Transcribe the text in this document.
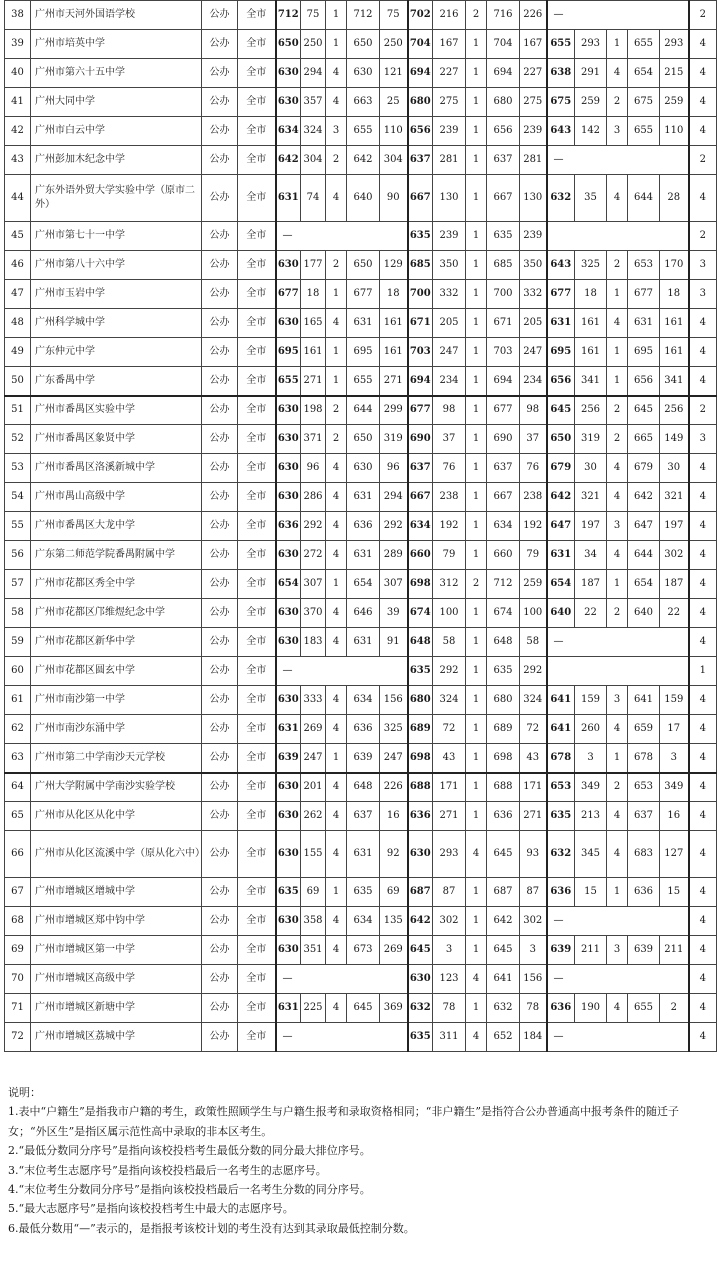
38	广州市天河外国语学校	公办	全市	712	75	1	712	75	702	216	2	716	226	—					2
39	广州市培英中学	公办	全市	650	250	1	650	250	704	167	1	704	167	655	293	1	655	293	4
40	广州市第六十五中学	公办	全市	630	294	4	630	121	694	227	1	694	227	638	291	4	654	215	4
41	广州大同中学	公办	全市	630	357	4	663	25	680	275	1	680	275	675	259	2	675	259	4
42	广州市白云中学	公办	全市	634	324	3	655	110	656	239	1	656	239	643	142	3	655	110	4
43	广州彭加木纪念中学	公办	全市	642	304	2	642	304	637	281	1	637	281	—					2
44	广东外语外贸大学实验中学（原市二外）	公办	全市	631	74	4	640	90	667	130	1	667	130	632	35	4	644	28	4
45	广州市第七十一中学	公办	全市	—					635	239	1	635	239						2
46	广州市第八十六中学	公办	全市	630	177	2	650	129	685	350	1	685	350	643	325	2	653	170	3
47	广州市玉岩中学	公办	全市	677	18	1	677	18	700	332	1	700	332	677	18	1	677	18	3
48	广州科学城中学	公办	全市	630	165	4	631	161	671	205	1	671	205	631	161	4	631	161	4
49	广东仲元中学	公办	全市	695	161	1	695	161	703	247	1	703	247	695	161	1	695	161	4
50	广东番禺中学	公办	全市	655	271	1	655	271	694	234	1	694	234	656	341	1	656	341	4
51	广州市番禺区实验中学	公办	全市	630	198	2	644	299	677	98	1	677	98	645	256	2	645	256	2
52	广州市番禺区象贤中学	公办	全市	630	371	2	650	319	690	37	1	690	37	650	319	2	665	149	3
53	广州市番禺区洛溪新城中学	公办	全市	630	96	4	630	96	637	76	1	637	76	679	30	4	679	30	4
54	广州市禺山高级中学	公办	全市	630	286	4	631	294	667	238	1	667	238	642	321	4	642	321	4
55	广州市番禺区大龙中学	公办	全市	636	292	4	636	292	634	192	1	634	192	647	197	3	647	197	4
56	广东第二师范学院番禺附属中学	公办	全市	630	272	4	631	289	660	79	1	660	79	631	34	4	644	302	4
57	广州市花都区秀全中学	公办	全市	654	307	1	654	307	698	312	2	712	259	654	187	1	654	187	4
58	广州市花都区邝维煜纪念中学	公办	全市	630	370	4	646	39	674	100	1	674	100	640	22	2	640	22	4
59	广州市花都区新华中学	公办	全市	630	183	4	631	91	648	58	1	648	58	—					4
60	广州市花都区圆玄中学	公办	全市	—					635	292	1	635	292						1
61	广州市南沙第一中学	公办	全市	630	333	4	634	156	680	324	1	680	324	641	159	3	641	159	4
62	广州市南沙东涌中学	公办	全市	631	269	4	636	325	689	72	1	689	72	641	260	4	659	17	4
63	广州市第二中学南沙天元学校	公办	全市	639	247	1	639	247	698	43	1	698	43	678	3	1	678	3	4
64	广州大学附属中学南沙实验学校	公办	全市	630	201	4	648	226	688	171	1	688	171	653	349	2	653	349	4
65	广州市从化区从化中学	公办	全市	630	262	4	637	16	636	271	1	636	271	635	213	4	637	16	4
66	广州市从化区流溪中学（原从化六中）	公办	全市	630	155	4	631	92	630	293	4	645	93	632	345	4	683	127	4
67	广州市增城区增城中学	公办	全市	635	69	1	635	69	687	87	1	687	87	636	15	1	636	15	4
68	广州市增城区郑中钧中学	公办	全市	630	358	4	634	135	642	302	1	642	302	—					4
69	广州市增城区第一中学	公办	全市	630	351	4	673	269	645	3	1	645	3	639	211	3	639	211	4
70	广州市增城区高级中学	公办	全市	—					630	123	4	641	156	—					4
71	广州市增城区新塘中学	公办	全市	631	225	4	645	369	632	78	1	632	78	636	190	4	655	2	4
72	广州市增城区荔城中学	公办	全市	—					635	311	4	652	184	—					4
说明：
1.表中“户籍生”是指我市户籍的考生，政策性照顾学生与户籍生报考和录取资格相同；“非户籍生”是指符合公办普通高中报考条件的随迁子女；“外区生”是指区属示范性高中录取的非本区考生。
2.“最低分数同分序号”是指向该校投档考生最低分数的同分最大排位序号。
3.“末位考生志愿序号”是指向该校投档最后一名考生的志愿序号。
4.“末位考生分数同分序号”是指向该校投档最后一名考生分数的同分序号。
5.“最大志愿序号”是指向该校投档考生中最大的志愿序号。
6.最低分数用“—”表示的，是指报考该校计划的考生没有达到其录取最低控制分数。
